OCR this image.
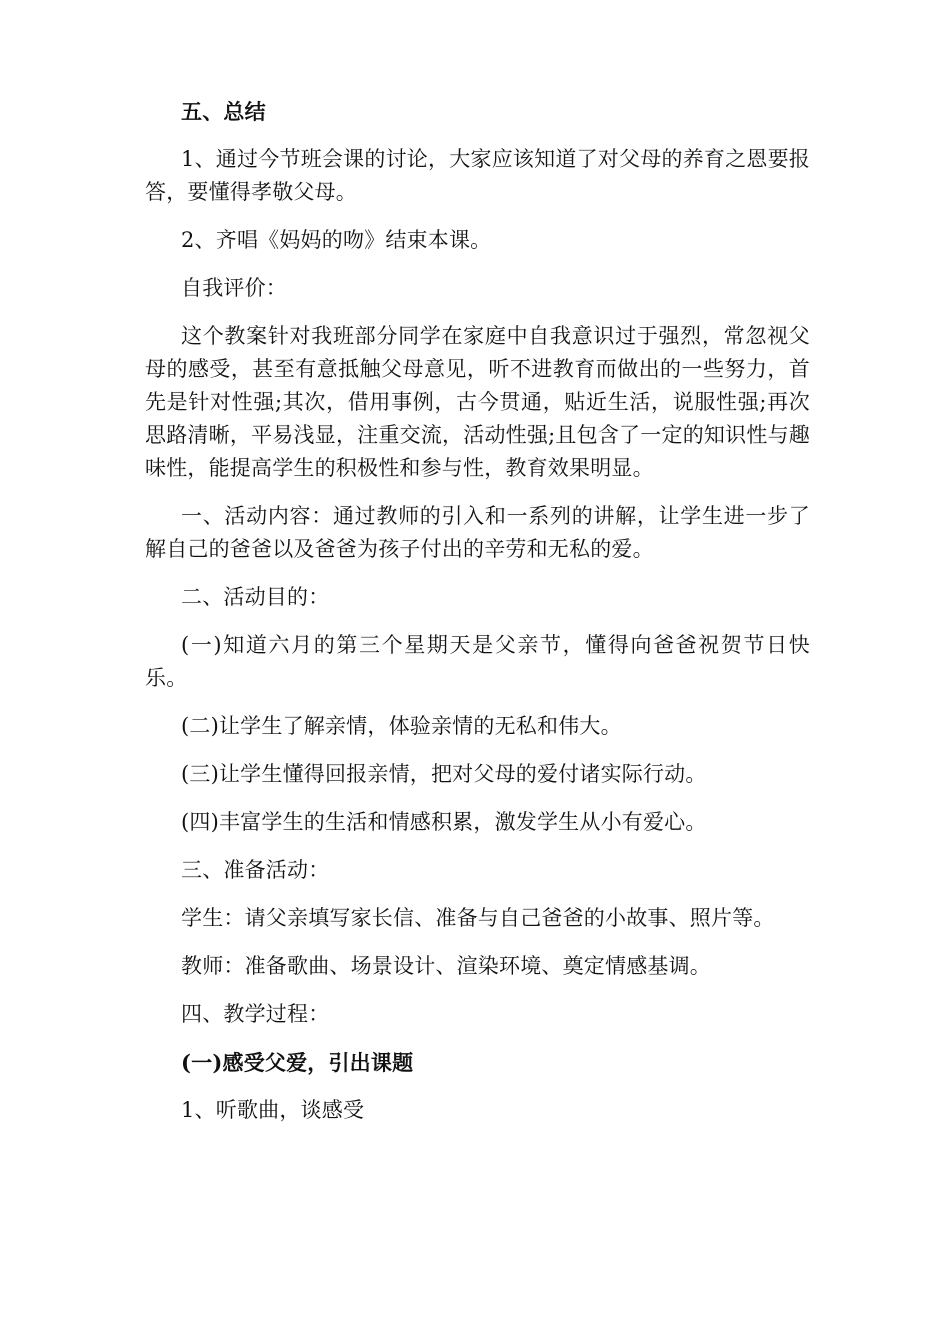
五、总结

1、通过今节班会课的讨论，大家应该知道了对父母的养育之恩要报答，要懂得孝敬父母。

2、齐唱《妈妈的吻》结束本课。

自我评价：

这个教案针对我班部分同学在家庭中自我意识过于强烈，常忽视父母的感受，甚至有意抵触父母意见，听不进教育而做出的一些努力，首先是针对性强;其次，借用事例，古今贯通，贴近生活，说服性强;再次思路清晰，平易浅显，注重交流，活动性强;且包含了一定的知识性与趣味性，能提高学生的积极性和参与性，教育效果明显。

一、活动内容：通过教师的引入和一系列的讲解，让学生进一步了解自己的爸爸以及爸爸为孩子付出的辛劳和无私的爱。

二、活动目的：

(一)知道六月的第三个星期天是父亲节，懂得向爸爸祝贺节日快乐。

(二)让学生了解亲情，体验亲情的无私和伟大。

(三)让学生懂得回报亲情，把对父母的爱付诸实际行动。

(四)丰富学生的生活和情感积累，激发学生从小有爱心。

三、准备活动：

学生：请父亲填写家长信、准备与自己爸爸的小故事、照片等。

教师：准备歌曲、场景设计、渲染环境、奠定情感基调。

四、教学过程：

(一)感受父爱，引出课题

1、听歌曲，谈感受
